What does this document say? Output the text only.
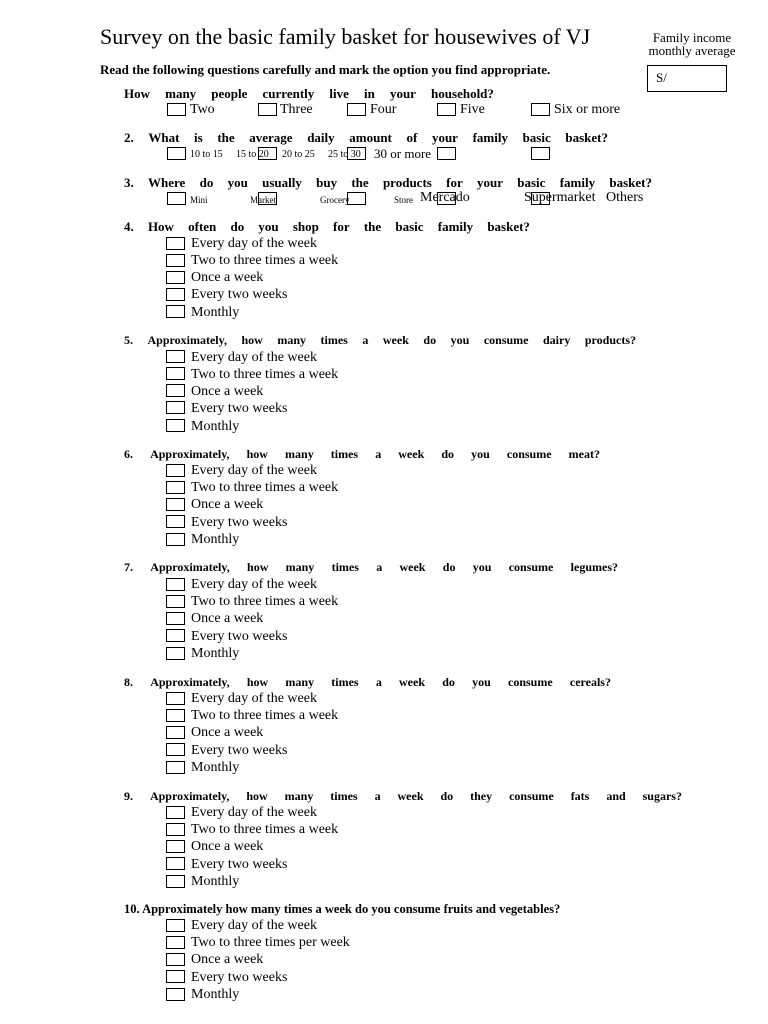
Survey on the basic family basket for housewives of VJ	Family income
monthly average
S/
Read the following questions carefully and mark the option you find appropriate.
How many people currently live in your household?
Two	Three	Four	Five	Six or more
2. What is the average daily amount of your family basic basket?
10 to 15 15 to 20 20 to 25 25 to 30 30 or more
3. Where do you usually buy the products for your basic family basket?
Mini	Market	Grocery	Store Mercado	Supermarket Others
4. How often do you shop for the basic family basket?
Every day of the week
Two to three times a week
Once a week
Every two weeks
Monthly
5. Approximately, how many times a week do you consume dairy products?
Every day of the week
Two to three times a week
Once a week
Every two weeks
Monthly
6. Approximately, how many times a week do you consume meat?
Every day of the week
Two to three times a week
Once a week
Every two weeks
Monthly
7. Approximately, how many times a week do you consume legumes?
Every day of the week
Two to three times a week
Once a week
Every two weeks
Monthly
8. Approximately, how many times a week do you consume cereals?
Every day of the week
Two to three times a week
Once a week
Every two weeks
Monthly
9. Approximately, how many times a week do they consume fats and sugars?
Every day of the week
Two to three times a week
Once a week
Every two weeks
Monthly
10. Approximately how many times a week do you consume fruits and vegetables?
Every day of the week
Two to three times per week
Once a week
Every two weeks
Monthly
